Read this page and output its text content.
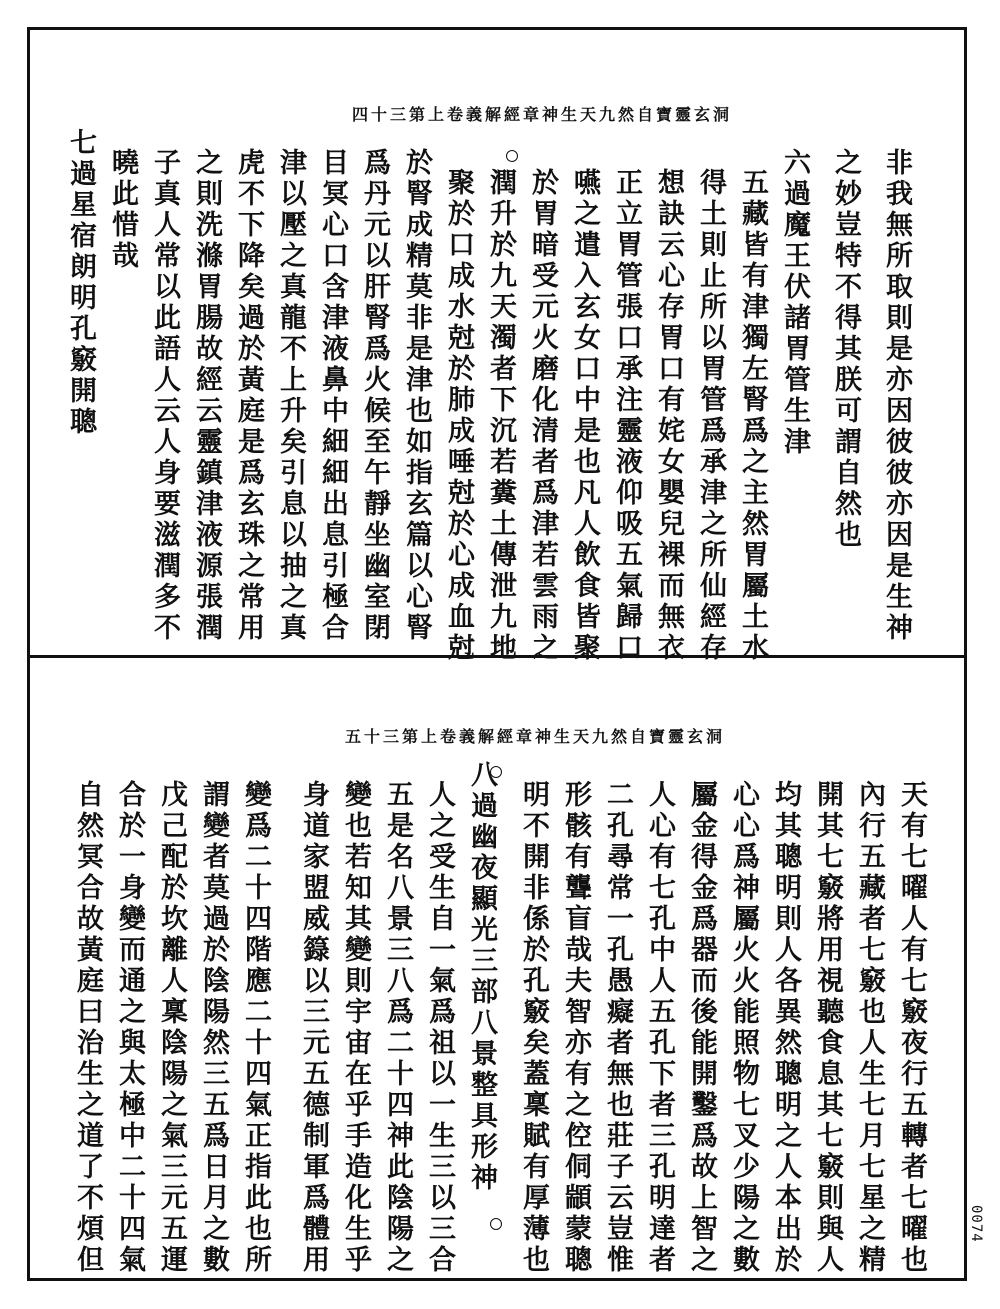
洞玄靈寶自然九天生神章經解義卷上第三十四
非我無所取則是亦因彼彼亦因是生神
之妙豈特不得其朕可謂自然也
六過魔王伏諸胃管生津
五藏皆有津獨左腎爲之主然胃屬土水
得土則止所以胃管爲承津之所仙經存
想訣云心存胃口有姹女嬰兒裸而無衣
正立胃管張口承注靈液仰吸五氣歸口
嚥之遣入玄女口中是也凡人飲食皆聚
於胃暗受元火磨化清者爲津若雲雨之
潤升於九天濁者下沉若糞土傳泄九地
聚於口成水尅於肺成唾尅於心成血尅
於腎成精莫非是津也如指玄篇以心腎
爲丹元以肝腎爲火候至午靜坐幽室閉
目冥心口含津液鼻中細細出息引極合
津以壓之真龍不上升矣引息以抽之真
虎不下降矣過於黃庭是爲玄珠之常用
之則洗滌胃腸故經云靈鎮津液源張潤
子真人常以此語人云人身要滋潤多不
曉此惜哉
七過星宿朗明孔竅開聰
洞玄靈寶自然九天生神章經解義卷上第三十五
天有七曜人有七竅夜行五轉者七曜也
內行五藏者七竅也人生七月七星之精
開其七竅將用視聽食息其七竅則與人
均其聰明則人各異然聰明之人本出於
心心爲神屬火火能照物七叉少陽之數
屬金得金爲器而後能開鑿爲故上智之
人心有七孔中人五孔下者三孔明達者
二孔尋常一孔愚癡者無也莊子云豈惟
形骸有聾盲哉夫智亦有之倥侗顓蒙聰
明不開非係於孔竅矣蓋稟賦有厚薄也
八過幽夜顯光三部八景整具形神
人之受生自一氣爲祖以一生三以三合
五是名八景三八爲二十四神此陰陽之
變也若知其變則宇宙在乎手造化生乎
身道家盟威籙以三元五德制軍爲體用
變爲二十四階應二十四氣正指此也所
謂變者莫過於陰陽然三五爲日月之數
戊己配於坎離人稟陰陽之氣三元五運
合於一身變而通之與太極中二十四氣
自然冥合故黃庭曰治生之道了不煩但	0074
